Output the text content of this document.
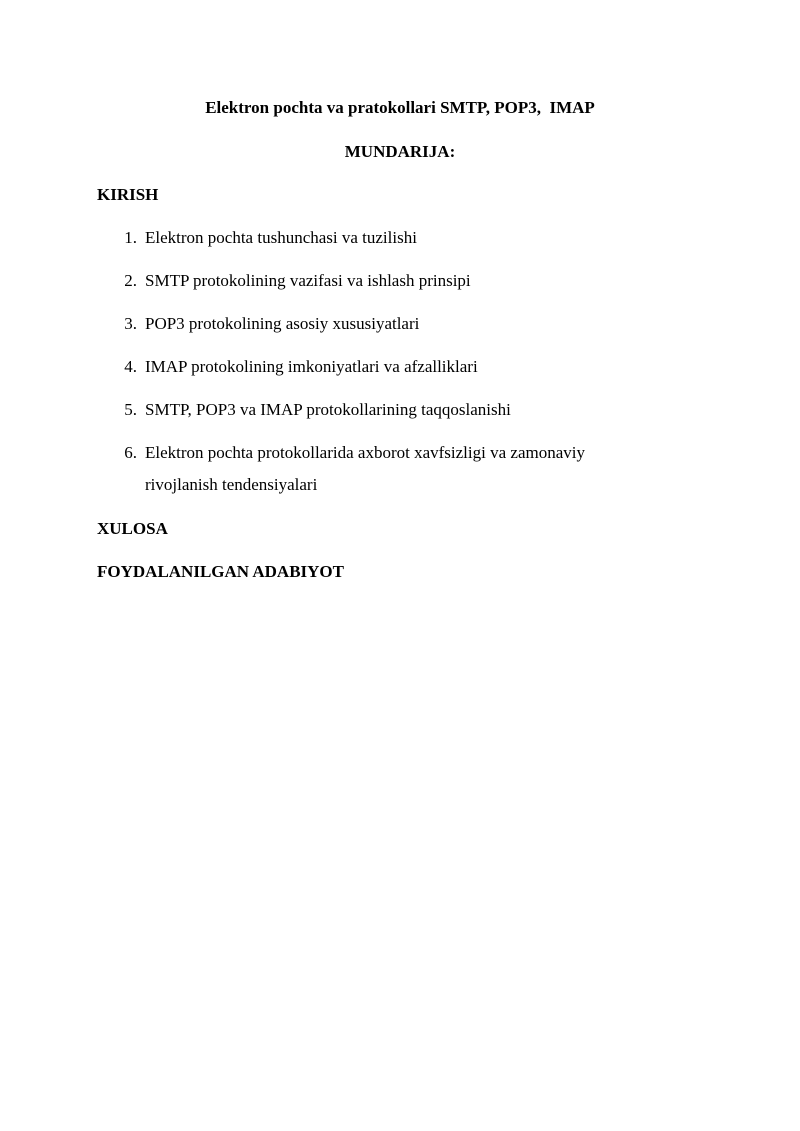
Elektron pochta va pratokollari SMTP, POP3,  IMAP
MUNDARIJA:
KIRISH
1. Elektron pochta tushunchasi va tuzilishi
2. SMTP protokolining vazifasi va ishlash prinsipi
3. POP3 protokolining asosiy xususiyatlari
4. IMAP protokolining imkoniyatlari va afzalliklari
5. SMTP, POP3 va IMAP protokollarining taqqoslanishi
6. Elektron pochta protokollarida axborot xavfsizligi va zamonaviy rivojlanish tendensiyalari
XULOSA
FOYDALANILGAN ADABIYOT
